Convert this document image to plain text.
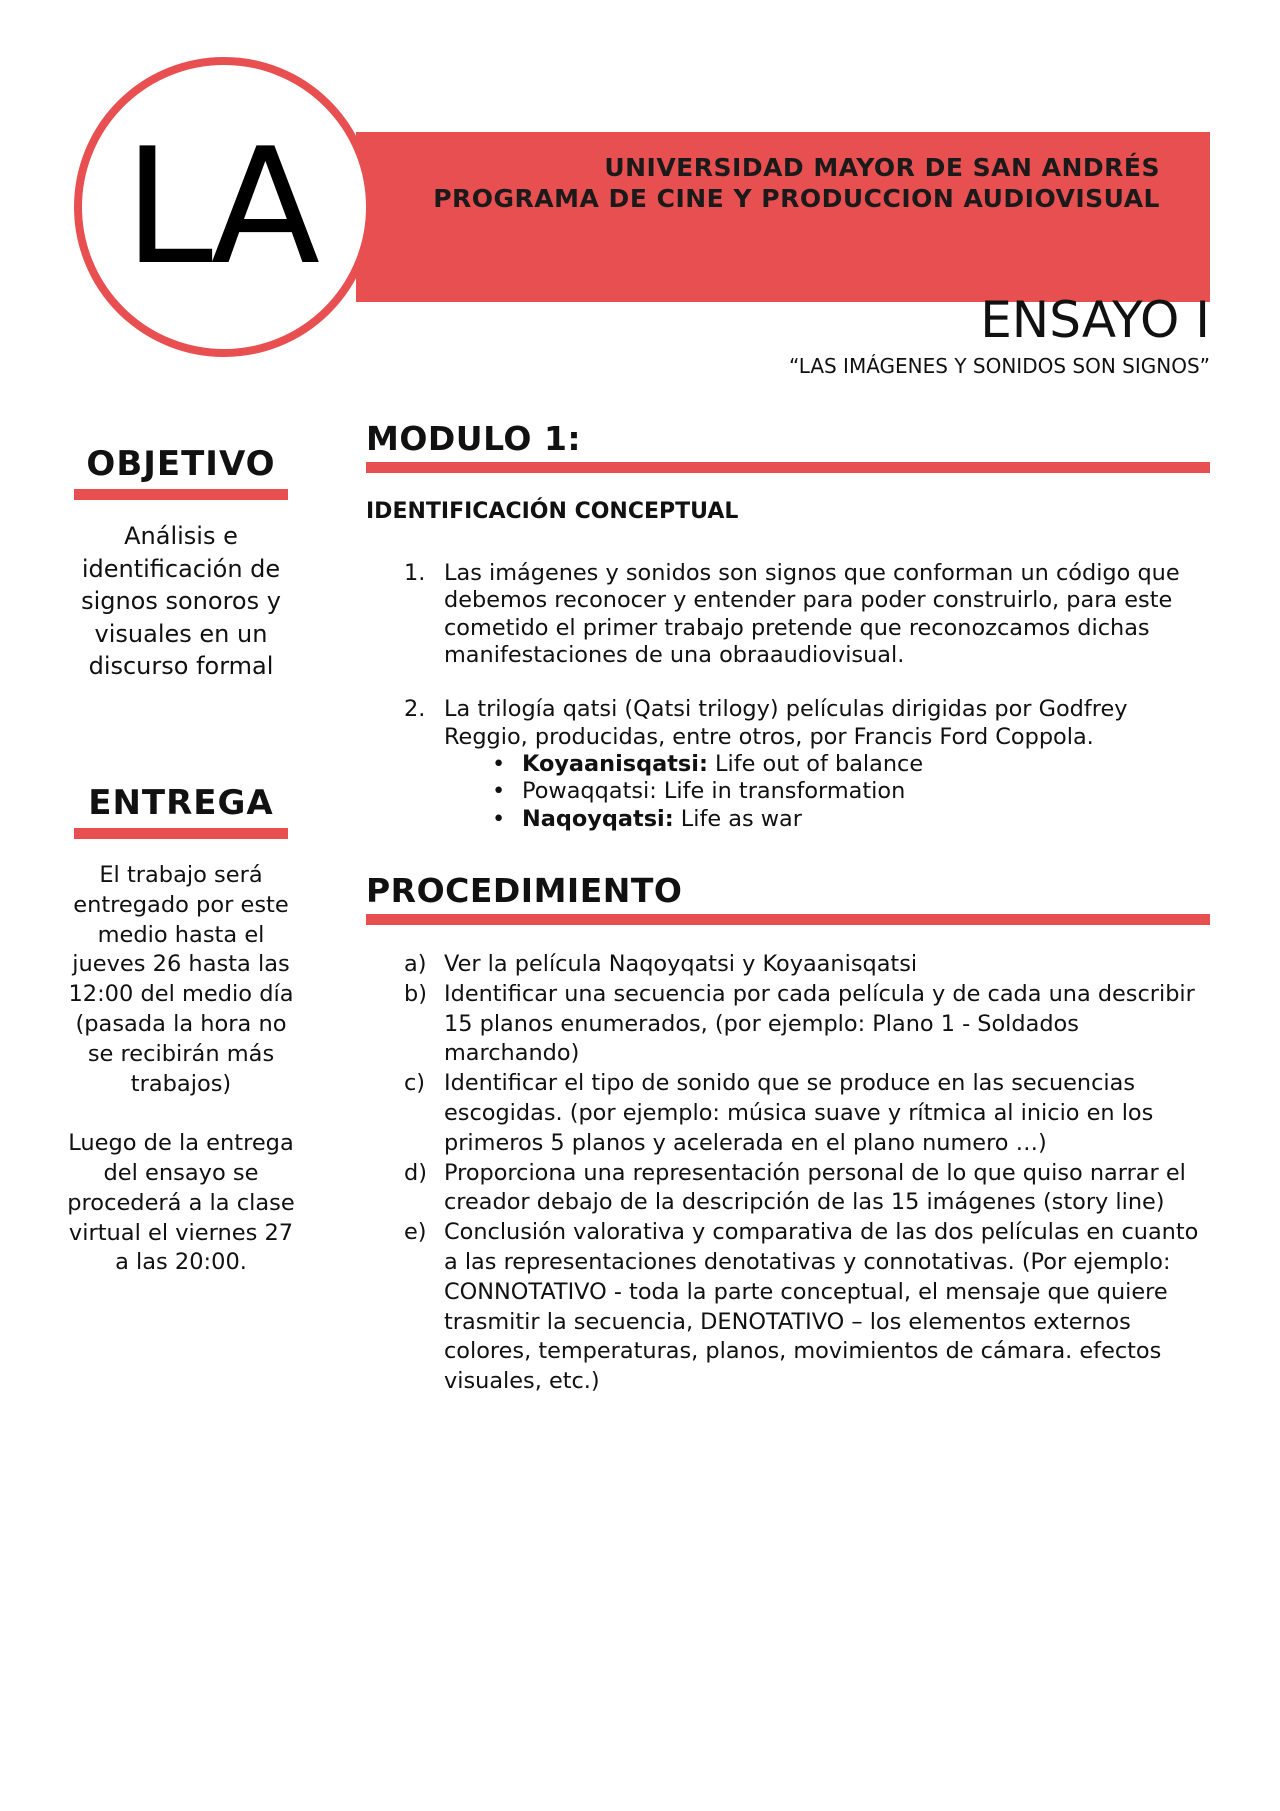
UNIVERSIDAD MAYOR DE SAN ANDRÉS
PROGRAMA DE CINE Y PRODUCCION AUDIOVISUAL
LA
ENSAYO I
“LAS IMÁGENES Y SONIDOS SON SIGNOS”
OBJETIVO
Análisis e identificación de signos sonoros y visuales en un discurso formal
ENTREGA

El trabajo será entregado por este medio hasta el jueves 26 hasta las 12:00 del medio día (pasada la hora no se recibirán más trabajos)

Luego de la entrega del ensayo se procederá a la clase virtual el viernes 27 a las 20:00.

MODULO 1:
IDENTIFICACIÓN CONCEPTUAL
1. Las imágenes y sonidos son signos que conforman un código que debemos reconocer y entender para poder construirlo, para este cometido el primer trabajo pretende que reconozcamos dichas manifestaciones de una obraaudiovisual.
2. La trilogía qatsi (Qatsi trilogy) películas dirigidas por Godfrey Reggio, producidas, entre otros, por Francis Ford Coppola.
• Koyaanisqatsi: Life out of balance
• Powaqqatsi: Life in transformation
• Naqoyqatsi: Life as war
PROCEDIMIENTO
a) Ver la película Naqoyqatsi y Koyaanisqatsi
b) Identificar una secuencia por cada película y de cada una describir 15 planos enumerados, (por ejemplo: Plano 1 - Soldados marchando)
c) Identificar el tipo de sonido que se produce en las secuencias escogidas. (por ejemplo: música suave y rítmica al inicio en los primeros 5 planos y acelerada en el plano numero …)
d) Proporciona una representación personal de lo que quiso narrar el creador debajo de la descripción de las 15 imágenes (story line)
e) Conclusión valorativa y comparativa de las dos películas en cuanto a las representaciones denotativas y connotativas. (Por ejemplo: CONNOTATIVO - toda la parte conceptual, el mensaje que quiere trasmitir la secuencia, DENOTATIVO – los elementos externos colores, temperaturas, planos, movimientos de cámara. efectos visuales, etc.)
